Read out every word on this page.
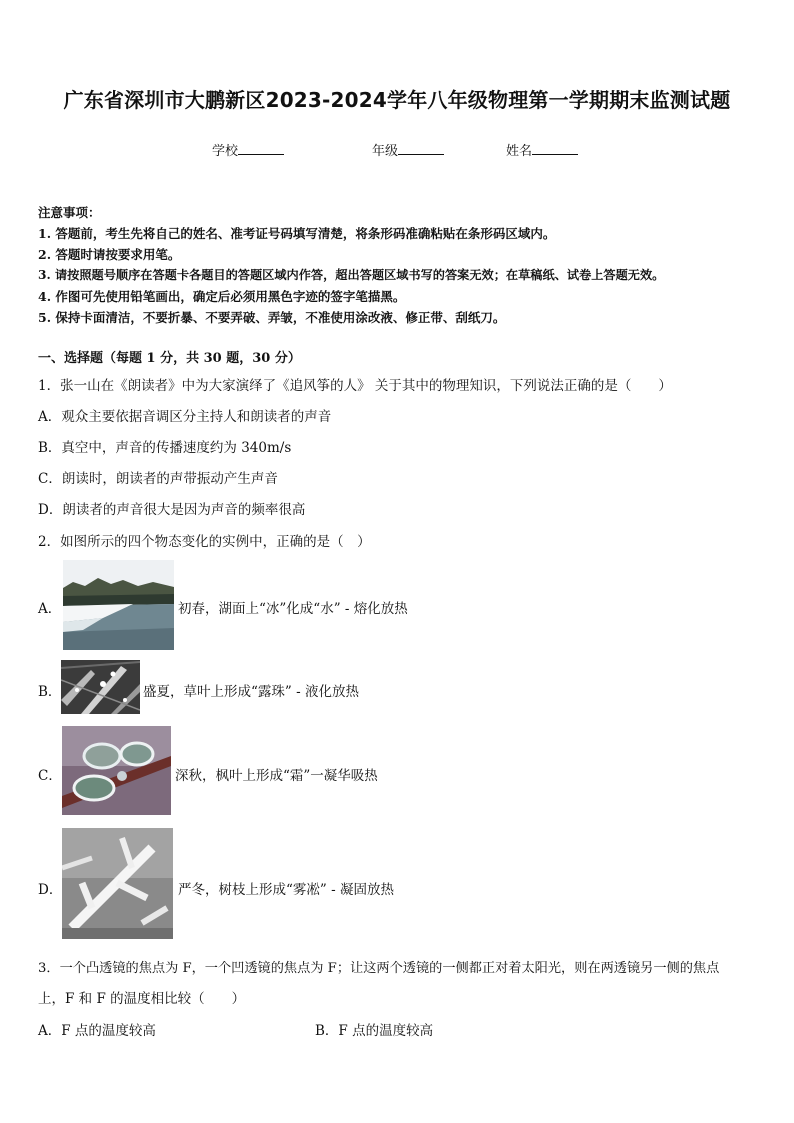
广东省深圳市大鹏新区2023-2024学年八年级物理第一学期期末监测试题
学校	年级	姓名
注意事项：
1. 答题前，考生先将自己的姓名、准考证号码填写清楚，将条形码准确粘贴在条形码区域内。
2. 答题时请按要求用笔。
3. 请按照题号顺序在答题卡各题目的答题区域内作答，超出答题区域书写的答案无效；在草稿纸、试卷上答题无效。
4. 作图可先使用铅笔画出，确定后必须用黑色字迹的签字笔描黑。
5. 保持卡面清洁，不要折暴、不要弄破、弄皱，不准使用涂改液、修正带、刮纸刀。
一、选择题（每题 1 分，共 30 题，30 分）
1．张一山在《朗读者》中为大家演绎了《追风筝的人》 关于其中的物理知识，下列说法正确的是（　　）
A．观众主要依据音调区分主持人和朗读者的声音
B．真空中，声音的传播速度约为 340m/s
C．朗读时，朗读者的声带振动产生声音
D．朗读者的声音很大是因为声音的频率很高
2．如图所示的四个物态变化的实例中，正确的是（　）
A．	初春，湖面上“冰”化成“水” - 熔化放热
B．	盛夏，草叶上形成“露珠” - 液化放热
C．	深秋，枫叶上形成“霜”一凝华吸热
D．	严冬，树枝上形成“雾凇” - 凝固放热
3．一个凸透镜的焦点为 F，一个凹透镜的焦点为 F；让这两个透镜的一侧都正对着太阳光，则在两透镜另一侧的焦点
上，F 和 F 的温度相比较（　　）
A．F 点的温度较高	B．F 点的温度较高
